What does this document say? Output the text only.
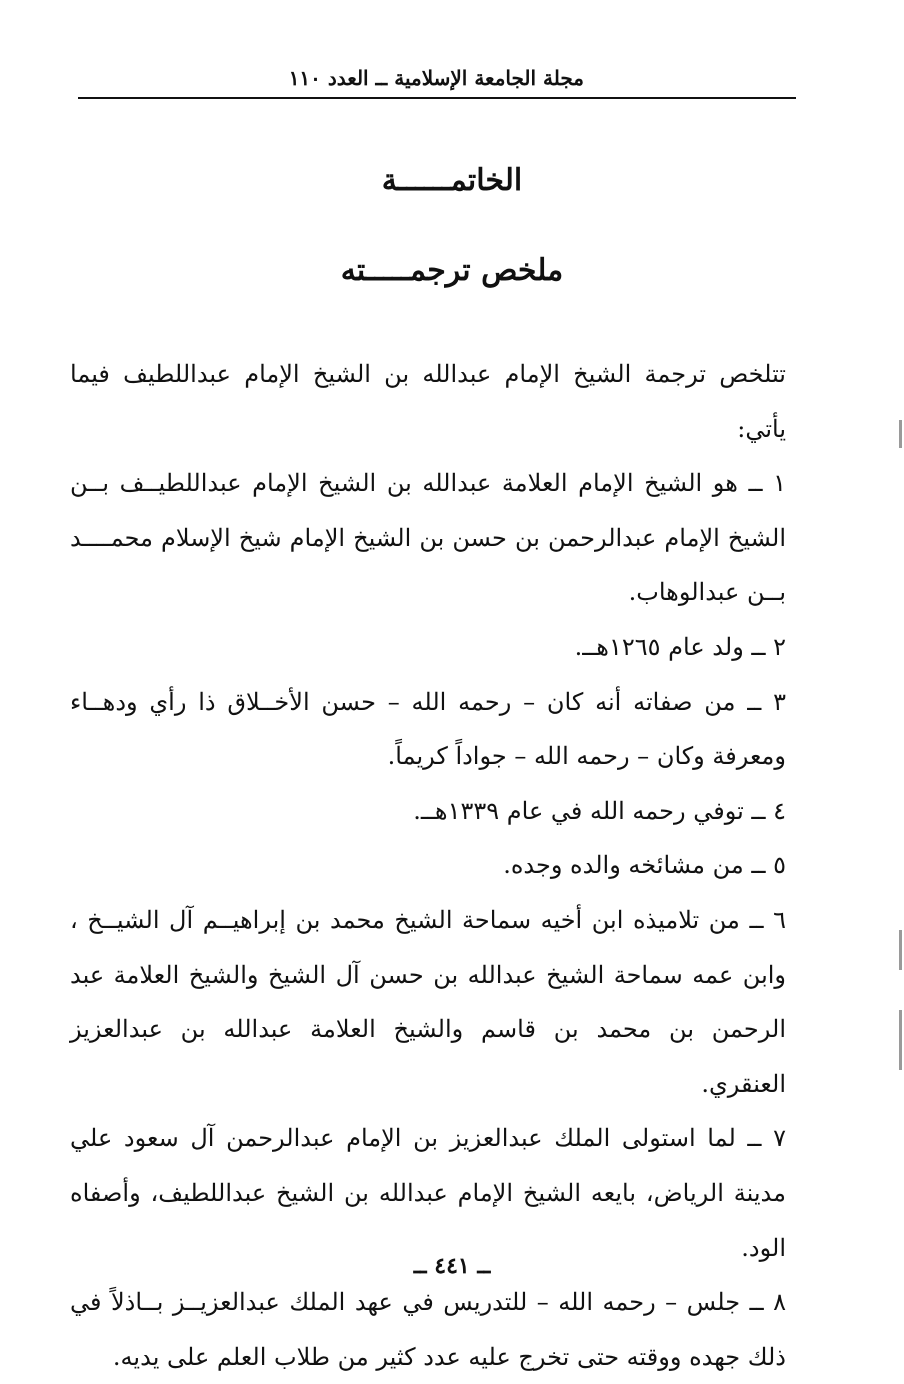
مجلة الجامعة الإسلامية ــ العدد ١١٠
الخاتمــــــة
ملخص ترجمـــــته

تتلخص ترجمة الشيخ الإمام عبدالله بن الشيخ الإمام عبداللطيف فيما يأتي:

١ ــ هو الشيخ الإمام العلامة عبدالله بن الشيخ الإمام عبداللطيــف بــن الشيخ الإمام عبدالرحمن بن حسن بن الشيخ الإمام شيخ الإسلام محمــــد بــن عبدالوهاب.

٢ ــ ولد عام ١٢٦٥هــ.

٣ ــ من صفاته أنه كان – رحمه الله – حسن الأخــلاق ذا رأي ودهــاء ومعرفة وكان – رحمه الله – جواداً كريماً.

٤ ــ توفي رحمه الله في عام ١٣٣٩هــ.

٥ ــ من مشائخه والده وجده.

٦ ــ من تلاميذه ابن أخيه سماحة الشيخ محمد بن إبراهيــم آل الشيــخ ، وابن عمه سماحة الشيخ عبدالله بن حسن آل الشيخ والشيخ العلامة عبد الرحمن بن محمد بن قاسم والشيخ العلامة عبدالله بن عبدالعزيز العنقري.

٧ ــ لما استولى الملك عبدالعزيز بن الإمام عبدالرحمن آل سعود علي مدينة الرياض، بايعه الشيخ الإمام عبدالله بن الشيخ عبداللطيف، وأصفاه الود.

٨ ــ جلس – رحمه الله – للتدريس في عهد الملك عبدالعزيــز بــاذلاً في ذلك جهده ووقته حتى تخرج عليه عدد كثير من طلاب العلم على يديه.

ــ ٤٤١ ــ
